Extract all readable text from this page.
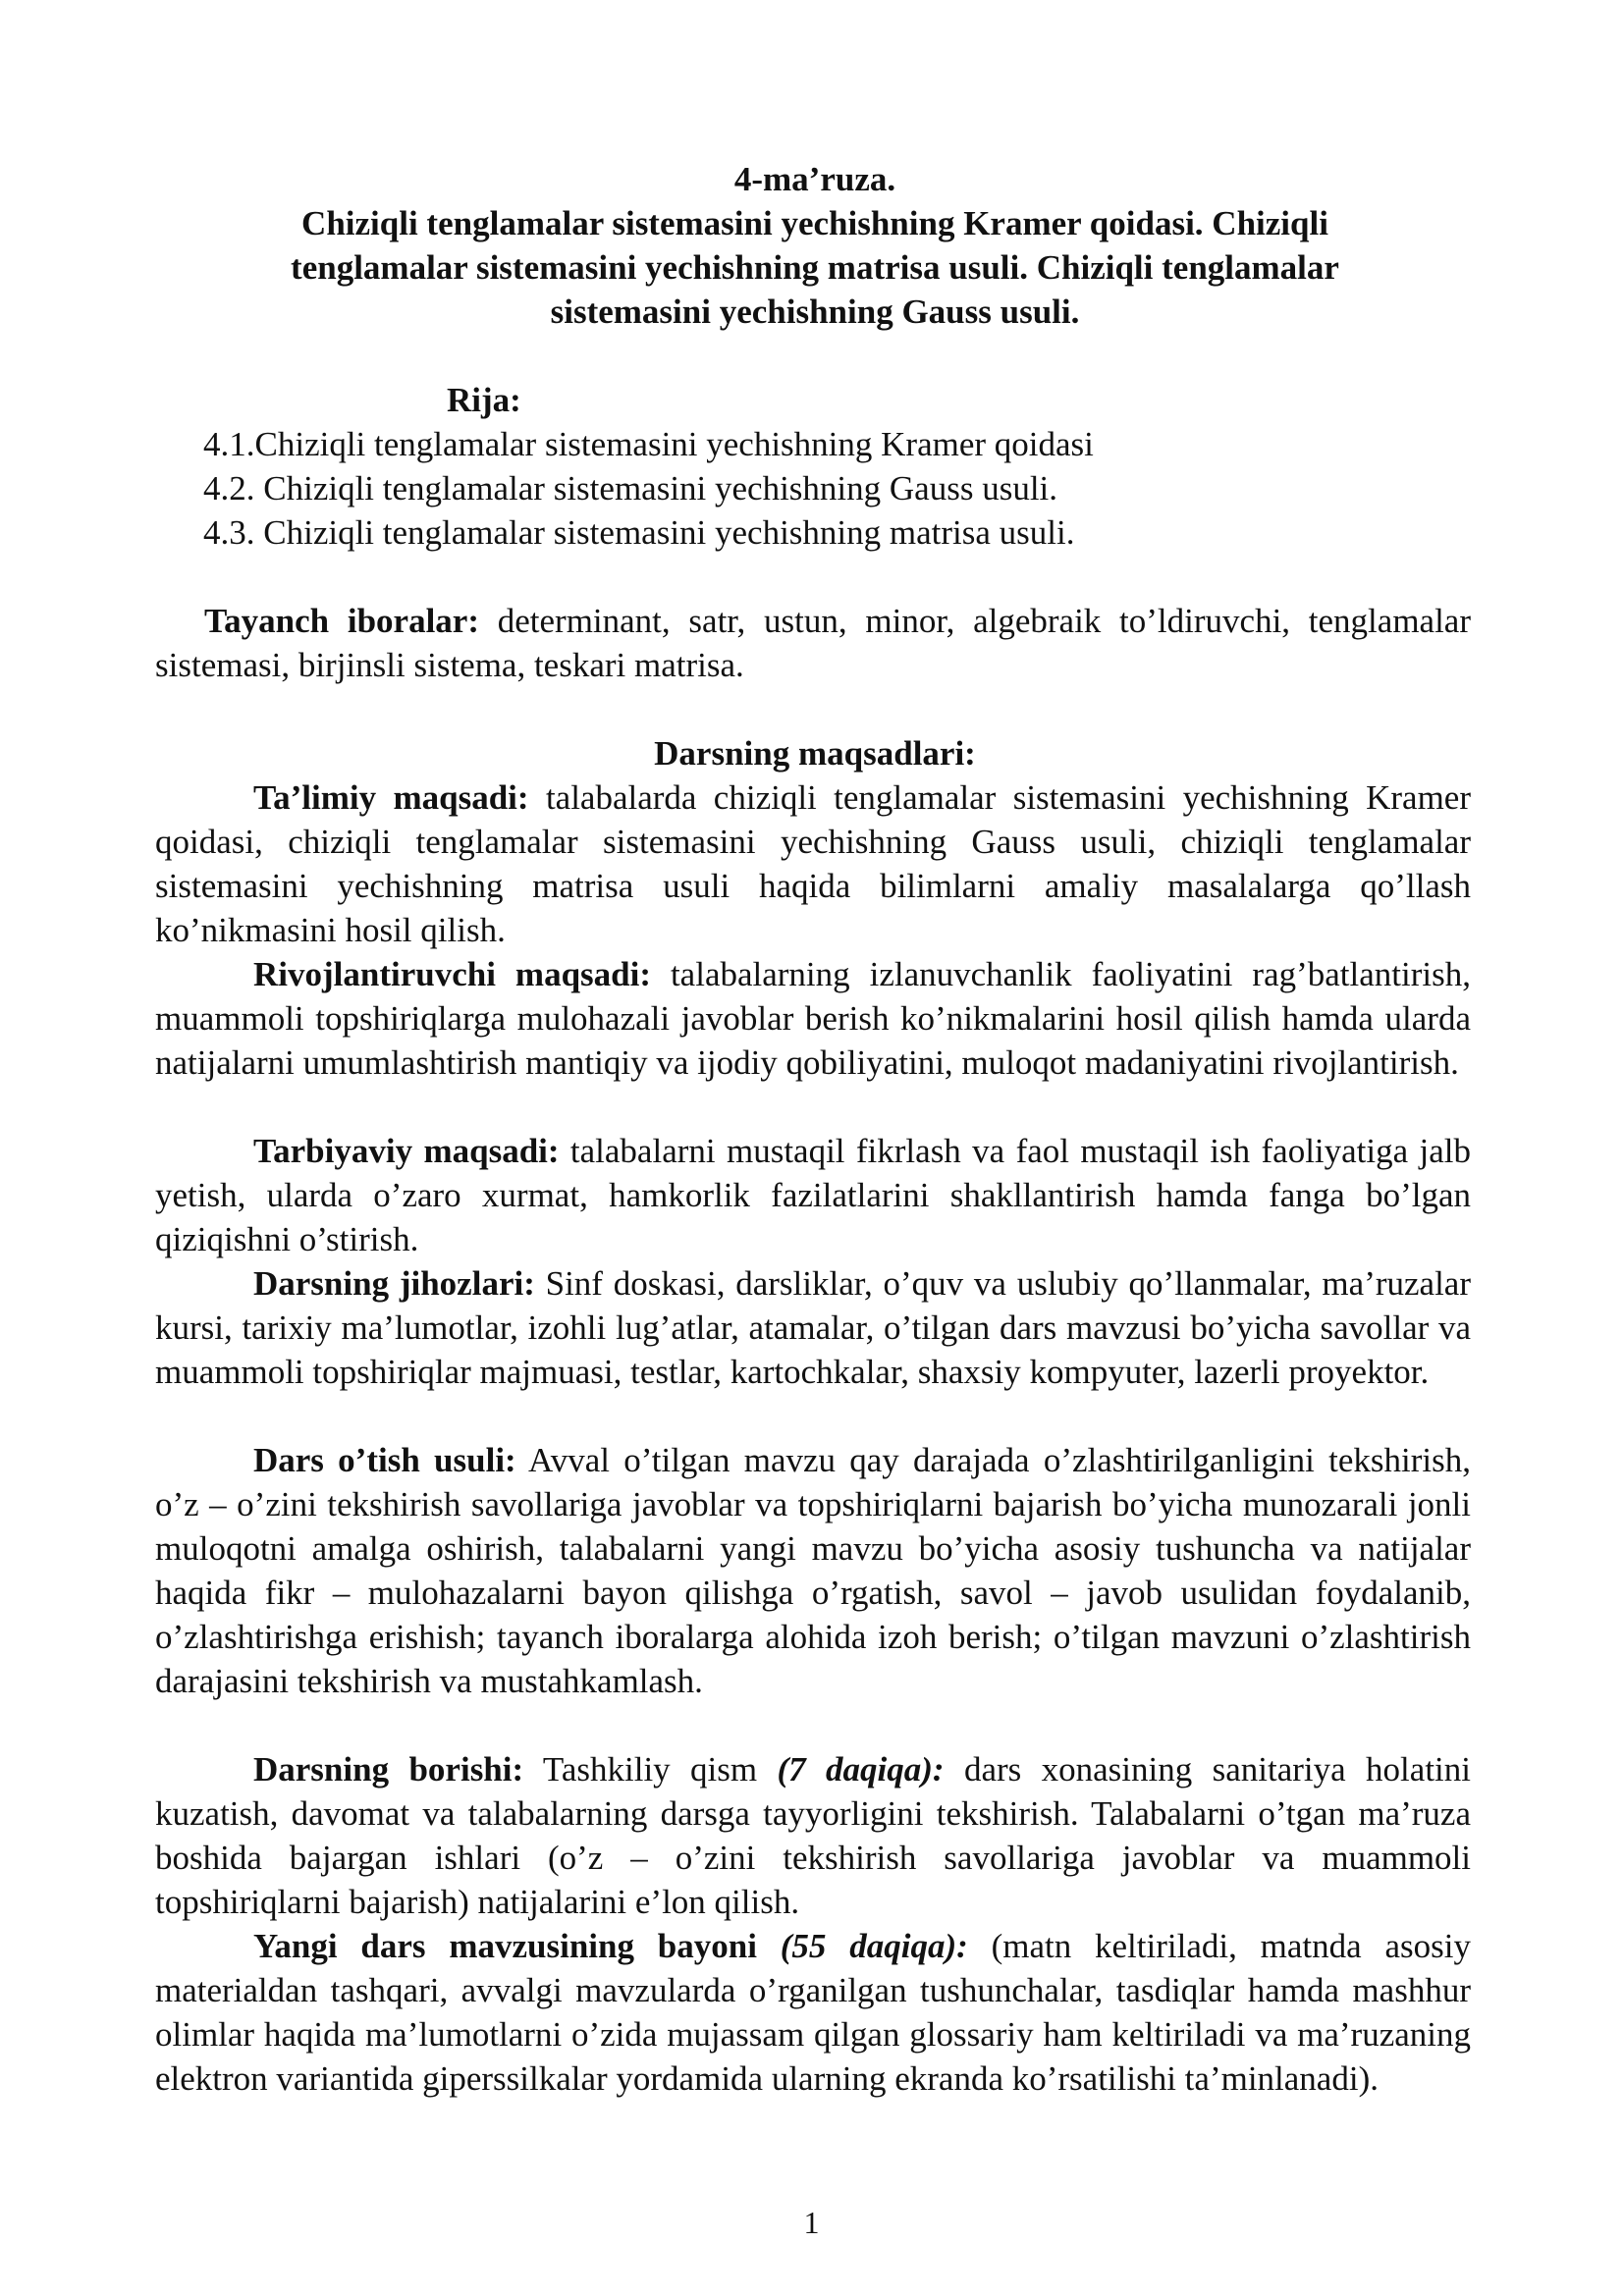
4-ma’ruza.
Chiziqli tenglamalar sistemasini yechishning Kramer qoidasi. Chiziqli
tenglamalar sistemasini yechishning matrisa usuli. Chiziqli tenglamalar
sistemasini yechishning Gauss usuli.
Rija:
4.1.Chiziqli tenglamalar sistemasini yechishning Kramer qoidasi
4.2. Chiziqli tenglamalar sistemasini yechishning Gauss usuli.
4.3. Chiziqli tenglamalar sistemasini yechishning matrisa usuli.
Tayanch iboralar: determinant, satr, ustun, minor, algebraik to’ldiruvchi, tenglamalar sistemasi, birjinsli sistema, teskari matrisa.
Darsning maqsadlari:
Ta’limiy maqsadi: talabalarda chiziqli tenglamalar sistemasini yechishning Kramer qoidasi, chiziqli tenglamalar sistemasini yechishning Gauss usuli, chiziqli tenglamalar sistemasini yechishning matrisa usuli haqida bilimlarni amaliy masalalarga qo’llash ko’nikmasini hosil qilish.
Rivojlantiruvchi maqsadi: talabalarning izlanuvchanlik faoliyatini rag’batlantirish, muammoli topshiriqlarga mulohazali javoblar berish ko’nikmalarini hosil qilish hamda ularda natijalarni umumlashtirish mantiqiy va ijodiy qobiliyatini, muloqot madaniyatini rivojlantirish.
Tarbiyaviy maqsadi: talabalarni mustaqil fikrlash va faol mustaqil ish faoliyatiga jalb yetish, ularda o’zaro xurmat, hamkorlik fazilatlarini shakllantirish hamda fanga bo’lgan qiziqishni o’stirish.
Darsning jihozlari: Sinf doskasi, darsliklar, o’quv va uslubiy qo’llanmalar, ma’ruzalar kursi, tarixiy ma’lumotlar, izohli lug’atlar, atamalar, o’tilgan dars mavzusi bo’yicha savollar va muammoli topshiriqlar majmuasi, testlar, kartochkalar, shaxsiy kompyuter, lazerli proyektor.
Dars o’tish usuli: Avval o’tilgan mavzu qay darajada o’zlashtirilganligini tekshirish, o’z – o’zini tekshirish savollariga javoblar va topshiriqlarni bajarish bo’yicha munozarali jonli muloqotni amalga oshirish, talabalarni yangi mavzu bo’yicha asosiy tushuncha va natijalar haqida fikr – mulohazalarni bayon qilishga o’rgatish, savol – javob usulidan foydalanib, o’zlashtirishga erishish; tayanch iboralarga alohida izoh berish; o’tilgan mavzuni o’zlashtirish darajasini tekshirish va mustahkamlash.
Darsning borishi: Tashkiliy qism (7 daqiqa): dars xonasining sanitariya holatini kuzatish, davomat va talabalarning darsga tayyorligini tekshirish. Talabalarni o’tgan ma’ruza boshida bajargan ishlari (o’z – o’zini tekshirish savollariga javoblar va muammoli topshiriqlarni bajarish) natijalarini e’lon qilish.
Yangi dars mavzusining bayoni (55 daqiqa): (matn keltiriladi, matnda asosiy materialdan tashqari, avvalgi mavzularda o’rganilgan tushunchalar, tasdiqlar hamda mashhur olimlar haqida ma’lumotlarni o’zida mujassam qilgan glossariy ham keltiriladi va ma’ruzaning elektron variantida giperssilkalar yordamida ularning ekranda ko’rsatilishi ta’minlanadi).
1
